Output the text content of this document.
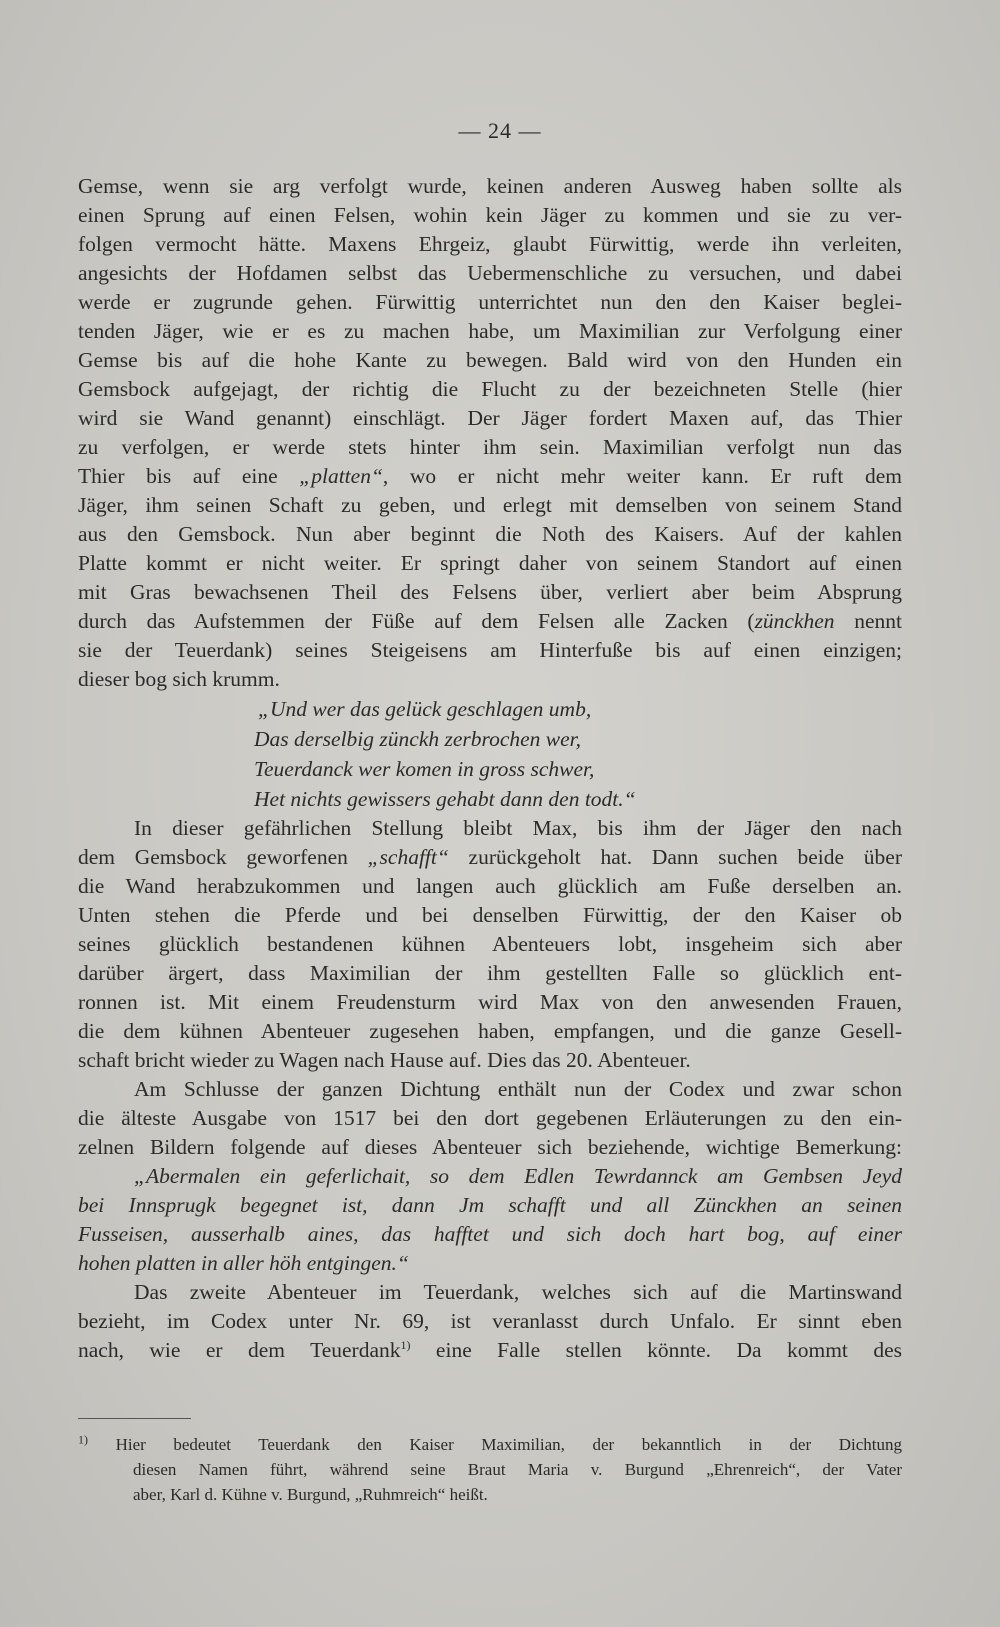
— 24 —
Gemse, wenn sie arg verfolgt wurde, keinen anderen Ausweg haben sollte als
einen Sprung auf einen Felsen, wohin kein Jäger zu kommen und sie zu ver-
folgen vermocht hätte. Maxens Ehrgeiz, glaubt Fürwittig, werde ihn verleiten,
angesichts der Hofdamen selbst das Uebermenschliche zu versuchen, und dabei
werde er zugrunde gehen. Fürwittig unterrichtet nun den den Kaiser beglei-
tenden Jäger, wie er es zu machen habe, um Maximilian zur Verfolgung einer
Gemse bis auf die hohe Kante zu bewegen. Bald wird von den Hunden ein
Gemsbock aufgejagt, der richtig die Flucht zu der bezeichneten Stelle (hier
wird sie Wand genannt) einschlägt. Der Jäger fordert Maxen auf, das Thier
zu verfolgen, er werde stets hinter ihm sein. Maximilian verfolgt nun das
Thier bis auf eine „platten“, wo er nicht mehr weiter kann. Er ruft dem
Jäger, ihm seinen Schaft zu geben, und erlegt mit demselben von seinem Stand
aus den Gemsbock. Nun aber beginnt die Noth des Kaisers. Auf der kahlen
Platte kommt er nicht weiter. Er springt daher von seinem Standort auf einen
mit Gras bewachsenen Theil des Felsens über, verliert aber beim Absprung
durch das Aufstemmen der Füße auf dem Felsen alle Zacken (zünckhen nennt
sie der Teuerdank) seines Steigeisens am Hinterfuße bis auf einen einzigen;
dieser bog sich krumm.
„Und wer das gelück geschlagen umb,
Das derselbig zünckh zerbrochen wer,
Teuerdanck wer komen in gross schwer,
Het nichts gewissers gehabt dann den todt.“
In dieser gefährlichen Stellung bleibt Max, bis ihm der Jäger den nach
dem Gemsbock geworfenen „schafft“ zurückgeholt hat. Dann suchen beide über
die Wand herabzukommen und langen auch glücklich am Fuße derselben an.
Unten stehen die Pferde und bei denselben Fürwittig, der den Kaiser ob
seines glücklich bestandenen kühnen Abenteuers lobt, insgeheim sich aber
darüber ärgert, dass Maximilian der ihm gestellten Falle so glücklich ent-
ronnen ist. Mit einem Freudensturm wird Max von den anwesenden Frauen,
die dem kühnen Abenteuer zugesehen haben, empfangen, und die ganze Gesell-
schaft bricht wieder zu Wagen nach Hause auf. Dies das 20. Abenteuer.
Am Schlusse der ganzen Dichtung enthält nun der Codex und zwar schon
die älteste Ausgabe von 1517 bei den dort gegebenen Erläuterungen zu den ein-
zelnen Bildern folgende auf dieses Abenteuer sich beziehende, wichtige Bemerkung:
„Abermalen ein geferlichait, so dem Edlen Tewrdannck am Gembsen Jeyd
bei Innsprugk begegnet ist, dann Jm schafft und all Zünckhen an seinen
Fusseisen, ausserhalb aines, das hafftet und sich doch hart bog, auf einer
hohen platten in aller höh entgingen.“
Das zweite Abenteuer im Teuerdank, welches sich auf die Martinswand
bezieht, im Codex unter Nr. 69, ist veranlasst durch Unfalo. Er sinnt eben
nach, wie er dem Teuerdank$^{1)}$ eine Falle stellen könnte. Da kommt des
$^{1)}$ Hier bedeutet Teuerdank den Kaiser Maximilian, der bekanntlich in der Dichtung
diesen Namen führt, während seine Braut Maria v. Burgund „Ehrenreich“, der Vater
aber, Karl d. Kühne v. Burgund, „Ruhmreich“ heißt.
